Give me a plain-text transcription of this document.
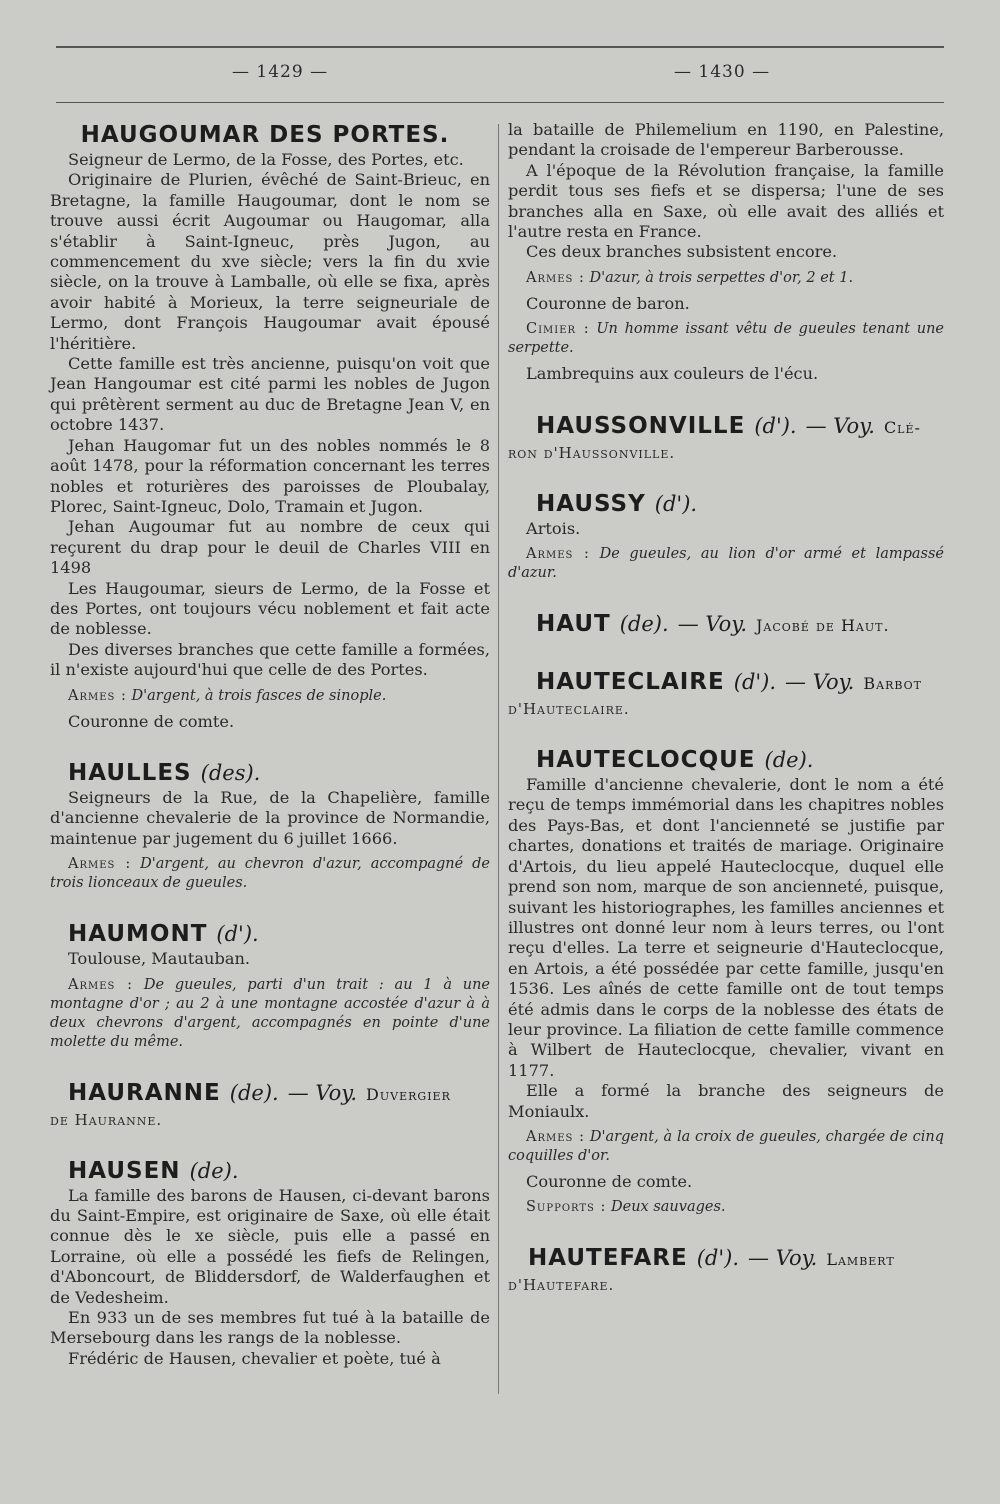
— 1429 —	— 1430 —
HAUGOUMAR DES PORTES.

Seigneur de Lermo, de la Fosse, des Portes, etc.

Originaire de Plurien, évêché de Saint-Brieuc, en Bretagne, la famille Haugoumar, dont le nom se trouve aussi écrit Augoumar ou Haugomar, alla s'établir à Saint-Igneuc, près Jugon, au commencement du xve siècle; vers la fin du xvie siècle, on la trouve à Lamballe, où elle se fixa, après avoir habité à Morieux, la terre seigneuriale de Lermo, dont François Haugoumar avait épousé l'héritière.

Cette famille est très ancienne, puisqu'on voit que Jean Hangoumar est cité parmi les nobles de Jugon qui prêtèrent serment au duc de Bretagne Jean V, en octobre 1437.

Jehan Haugomar fut un des nobles nommés le 8 août 1478, pour la réformation concernant les terres nobles et roturières des paroisses de Ploubalay, Plorec, Saint-Igneuc, Dolo, Tramain et Jugon.

Jehan Augoumar fut au nombre de ceux qui reçurent du drap pour le deuil de Charles VIII en 1498

Les Haugoumar, sieurs de Lermo, de la Fosse et des Portes, ont toujours vécu noblement et fait acte de noblesse.

Des diverses branches que cette famille a formées, il n'existe aujourd'hui que celle de des Portes.

Armes : D'argent, à trois fasces de sinople.

Couronne de comte.

HAULLES (des).

Seigneurs de la Rue, de la Chapelière, famille d'ancienne chevalerie de la province de Normandie, maintenue par jugement du 6 juillet 1666.

Armes : D'argent, au chevron d'azur, accompagné de trois lionceaux de gueules.

HAUMONT (d').

Toulouse, Mautauban.

Armes : De gueules, parti d'un trait : au 1 à une montagne d'or ; au 2 à une montagne accostée d'azur à à deux chevrons d'argent, accompagnés en pointe d'une molette du même.

HAURANNE (de). — Voy. Duvergier

de Hauranne.

HAUSEN (de).

La famille des barons de Hausen, ci-devant barons du Saint-Empire, est originaire de Saxe, où elle était connue dès le xe siècle, puis elle a passé en Lorraine, où elle a possédé les fiefs de Relingen, d'Aboncourt, de Bliddersdorf, de Walderfaughen et de Vedesheim.

En 933 un de ses membres fut tué à la bataille de Mersebourg dans les rangs de la noblesse.

Frédéric de Hausen, chevalier et poète, tué à

la bataille de Philemelium en 1190, en Palestine, pendant la croisade de l'empereur Barberousse.

A l'époque de la Révolution française, la famille perdit tous ses fiefs et se dispersa; l'une de ses branches alla en Saxe, où elle avait des alliés et l'autre resta en France.

Ces deux branches subsistent encore.

Armes : D'azur, à trois serpettes d'or, 2 et 1.

Couronne de baron.

Cimier : Un homme issant vêtu de gueules tenant une serpette.

Lambrequins aux couleurs de l'écu.

HAUSSONVILLE (d'). — Voy. Clé-

ron d'Haussonville.

HAUSSY (d').

Artois.

Armes : De gueules, au lion d'or armé et lampassé d'azur.

HAUT (de). — Voy. Jacobé de Haut.
HAUTECLAIRE (d'). — Voy. Barbot

d'Hauteclaire.

HAUTECLOCQUE (de).

Famille d'ancienne chevalerie, dont le nom a été reçu de temps immémorial dans les chapitres nobles des Pays-Bas, et dont l'ancienneté se justifie par chartes, donations et traités de mariage. Originaire d'Artois, du lieu appelé Hauteclocque, duquel elle prend son nom, marque de son ancienneté, puisque, suivant les historiographes, les familles anciennes et illustres ont donné leur nom à leurs terres, ou l'ont reçu d'elles. La terre et seigneurie d'Hauteclocque, en Artois, a été possédée par cette famille, jusqu'en 1536. Les aînés de cette famille ont de tout temps été admis dans le corps de la noblesse des états de leur province. La filiation de cette famille commence à Wilbert de Hauteclocque, chevalier, vivant en 1177.

Elle a formé la branche des seigneurs de Moniaulx.

Armes : D'argent, à la croix de gueules, chargée de cinq coquilles d'or.

Couronne de comte.

Supports : Deux sauvages.

HAUTEFARE (d'). — Voy. Lambert

d'Hautefare.
